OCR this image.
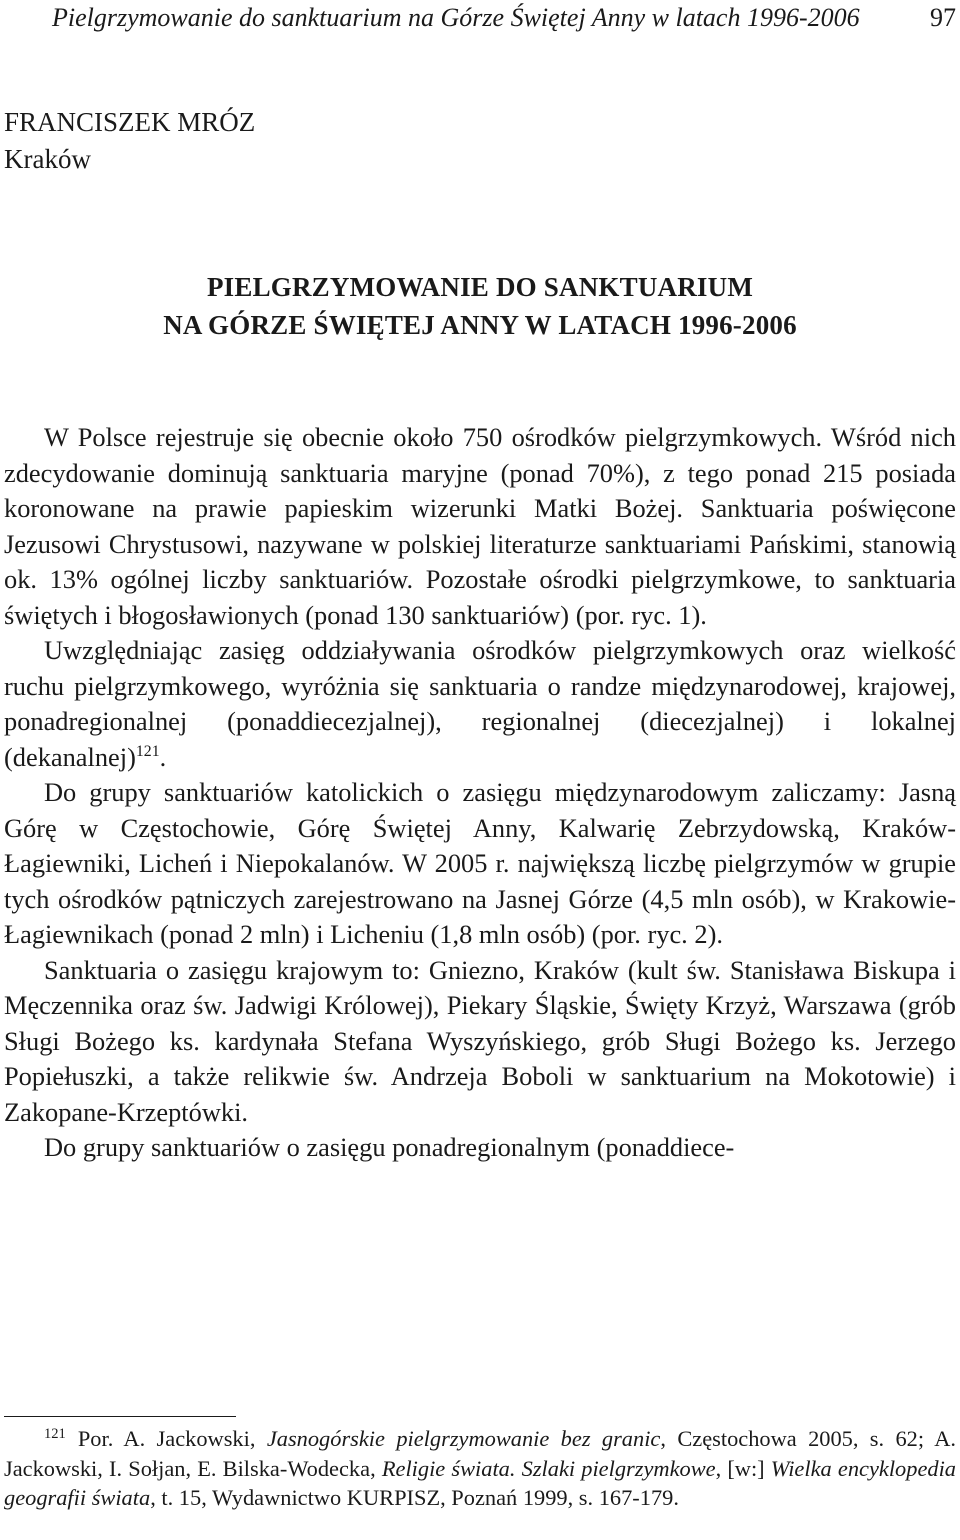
Pielgrzymowanie do sanktuarium na Górze Świętej Anny w latach 1996-2006	97
FRANCISZEK MRÓZ
Kraków
PIELGRZYMOWANIE DO SANKTUARIUM
NA GÓRZE ŚWIĘTEJ ANNY W LATACH 1996-2006

W Polsce rejestruje się obecnie około 750 ośrodków pielgrzymkowych. Wśród nich zdecydowanie dominują sanktuaria maryjne (ponad 70%), z tego ponad 215 posiada koronowane na prawie papieskim wizerunki Matki Bożej. Sanktuaria poświęcone Jezusowi Chrystusowi, nazywane w polskiej literaturze sanktuariami Pańskimi, stanowią ok. 13% ogólnej liczby sanktuariów. Pozostałe ośrodki pielgrzymkowe, to sanktuaria świętych i błogosławionych (ponad 130 sanktuariów) (por. ryc. 1).

Uwzględniając zasięg oddziaływania ośrodków pielgrzymkowych oraz wielkość ruchu pielgrzymkowego, wyróżnia się sanktuaria o randze międzynarodowej, krajowej, ponadregionalnej (ponaddiecezjalnej), regionalnej (diecezjalnej) i lokalnej (dekanalnej)$^{121}$.

Do grupy sanktuariów katolickich o zasięgu międzynarodowym zaliczamy: Jasną Górę w Częstochowie, Górę Świętej Anny, Kalwarię Zebrzydowską, Kraków-Łagiewniki, Licheń i Niepokalanów. W 2005 r. największą liczbę pielgrzymów w grupie tych ośrodków pątniczych zarejestrowano na Jasnej Górze (4,5 mln osób), w Krakowie-Łagiewnikach (ponad 2 mln) i Licheniu (1,8 mln osób) (por. ryc. 2).

Sanktuaria o zasięgu krajowym to: Gniezno, Kraków (kult św. Stanisława Biskupa i Męczennika oraz św. Jadwigi Królowej), Piekary Śląskie, Święty Krzyż, Warszawa (grób Sługi Bożego ks. kardynała Stefana Wyszyńskiego, grób Sługi Bożego ks. Jerzego Popiełuszki, a także relikwie św. Andrzeja Boboli w sanktuarium na Mokotowie) i Zakopane-Krzeptówki.

Do grupy sanktuariów o zasięgu ponadregionalnym (ponaddiece-

$^{121}$ Por. A. Jackowski, Jasnogórskie pielgrzymowanie bez granic, Częstochowa 2005, s. 62; A. Jackowski, I. Sołjan, E. Bilska-Wodecka, Religie świata. Szlaki pielgrzymkowe, [w:] Wielka encyklopedia geografii świata, t. 15, Wydawnictwo KURPISZ, Poznań 1999, s. 167-179.
